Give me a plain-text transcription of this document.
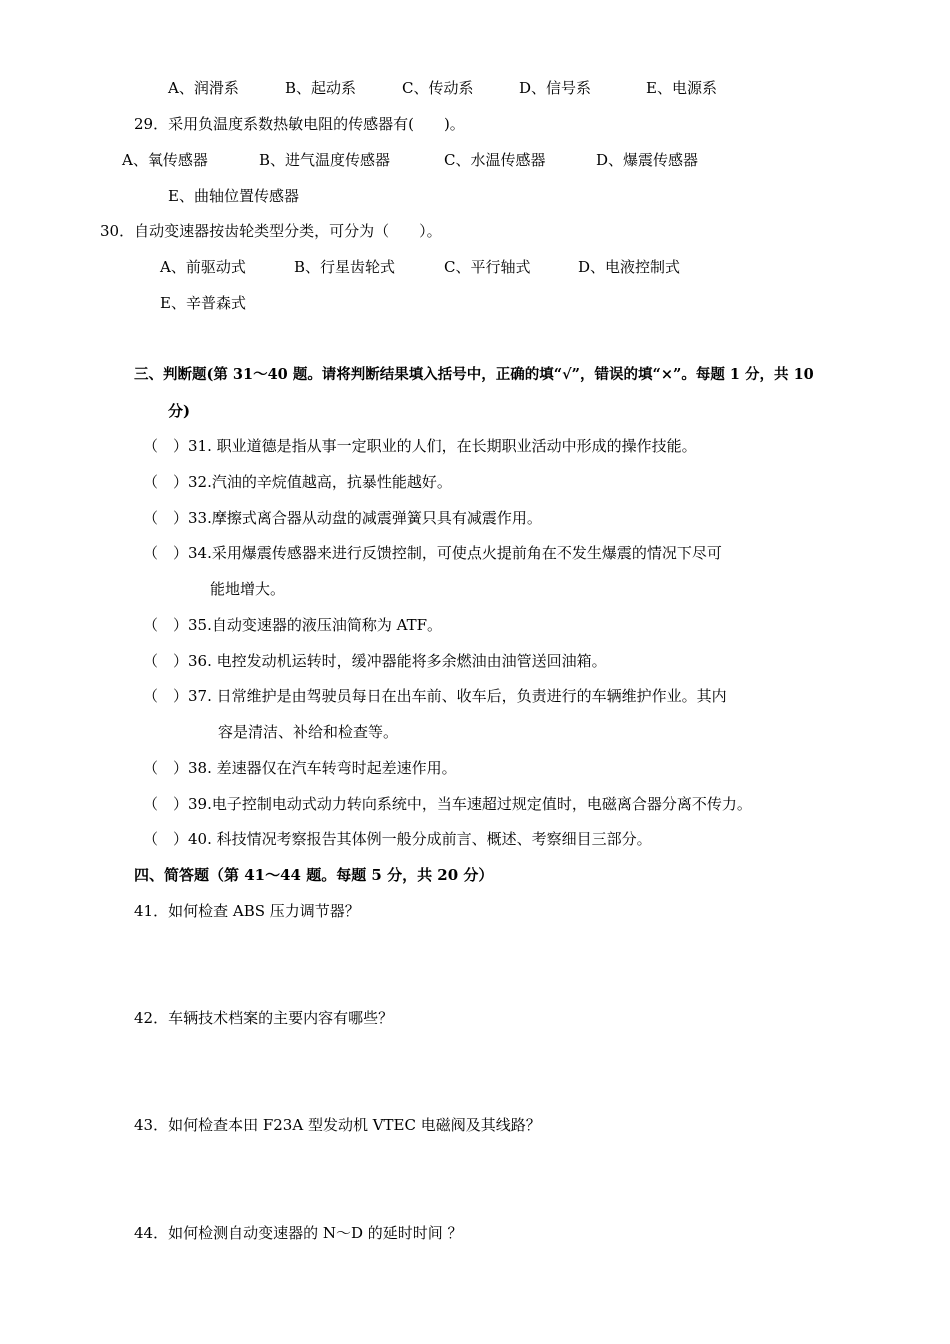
A、润滑系	B、起动系	C、传动系	D、信号系	E、电源系
29．采用负温度系数热敏电阻的传感器有(　　)。
A、氧传感器	B、进气温度传感器	C、水温传感器	D、爆震传感器
E、曲轴位置传感器
30．自动变速器按齿轮类型分类，可分为（　　）。
A、前驱动式	B、行星齿轮式	C、平行轴式	D、电液控制式
E、辛普森式
三、判断题(第 31～40 题。请将判断结果填入括号中，正确的填“√”，错误的填“×”。每题 1 分，共 10
分)
（　）31. 职业道德是指从事一定职业的人们，在长期职业活动中形成的操作技能。
（　）32.汽油的辛烷值越高，抗暴性能越好。
（　）33.摩擦式离合器从动盘的减震弹簧只具有减震作用。
（　）34.采用爆震传感器来进行反馈控制，可使点火提前角在不发生爆震的情况下尽可
能地增大。
（　）35.自动变速器的液压油简称为 ATF。
（　）36. 电控发动机运转时，缓冲器能将多余燃油由油管送回油箱。
（　）37. 日常维护是由驾驶员每日在出车前、收车后，负责进行的车辆维护作业。其内
容是清洁、补给和检查等。
（　）38. 差速器仅在汽车转弯时起差速作用。
（　）39.电子控制电动式动力转向系统中，当车速超过规定值时，电磁离合器分离不传力。
（　）40. 科技情况考察报告其体例一般分成前言、概述、考察细目三部分。
四、简答题（第 41～44 题。每题 5 分，共 20 分）
41．如何检查 ABS 压力调节器？
42．车辆技术档案的主要内容有哪些？
43．如何检查本田 F23A 型发动机 VTEC 电磁阀及其线路？
44．如何检测自动变速器的 N～D 的延时时间 ？
